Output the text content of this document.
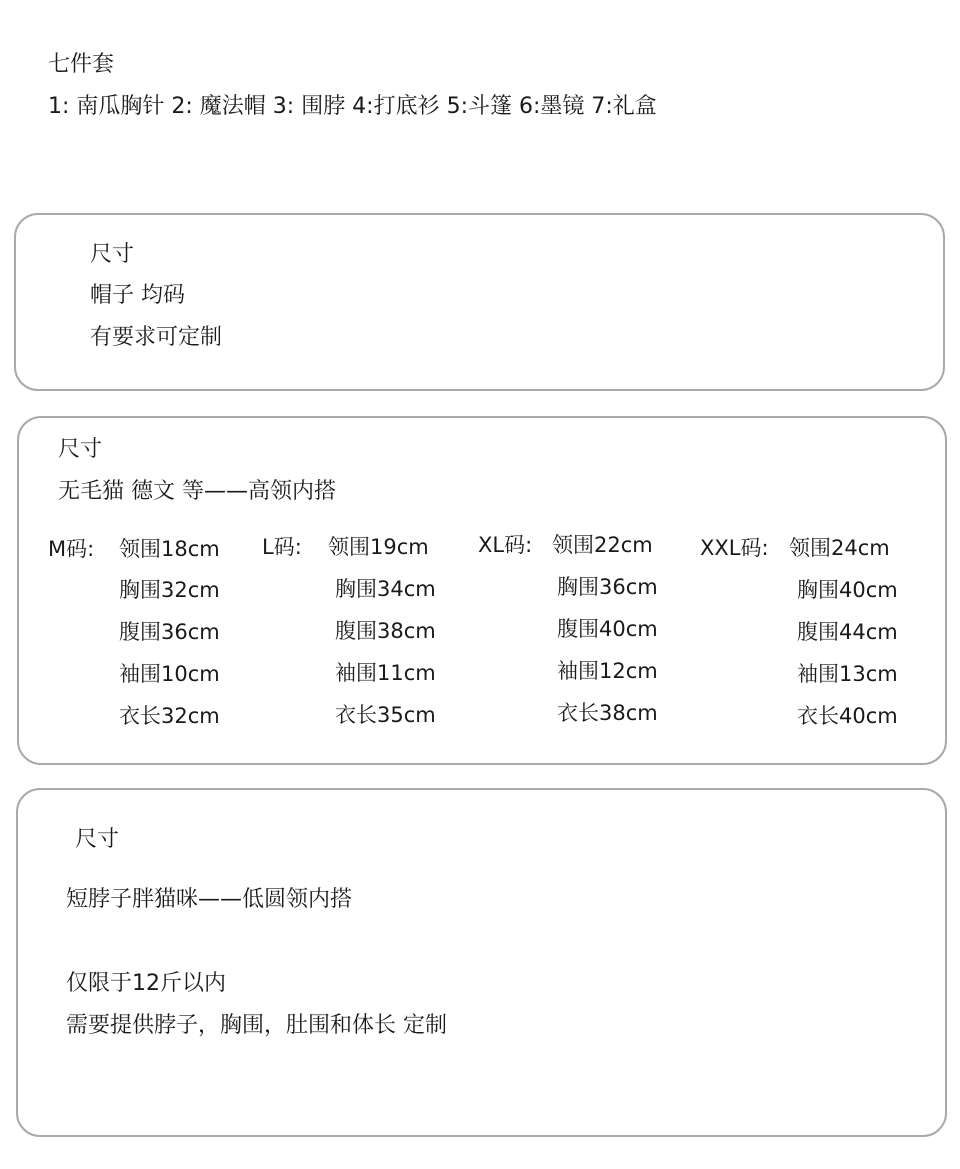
七件套
1: 南瓜胸针 2: 魔法帽 3: 围脖 4:打底衫 5:斗篷 6:墨镜 7:礼盒
尺寸
帽子 均码
有要求可定制
尺寸
无毛猫 德文 等——高领内搭
M码: 领围18cm
胸围32cm
腹围36cm
袖围10cm
衣长32cm
L码: 领围19cm
胸围34cm
腹围38cm
袖围11cm
衣长35cm
XL码: 领围22cm
胸围36cm
腹围40cm
袖围12cm
衣长38cm
XXL码: 领围24cm
胸围40cm
腹围44cm
袖围13cm
衣长40cm
尺寸
短脖子胖猫咪——低圆领内搭
仅限于12斤以内
需要提供脖子，胸围，肚围和体长 定制
